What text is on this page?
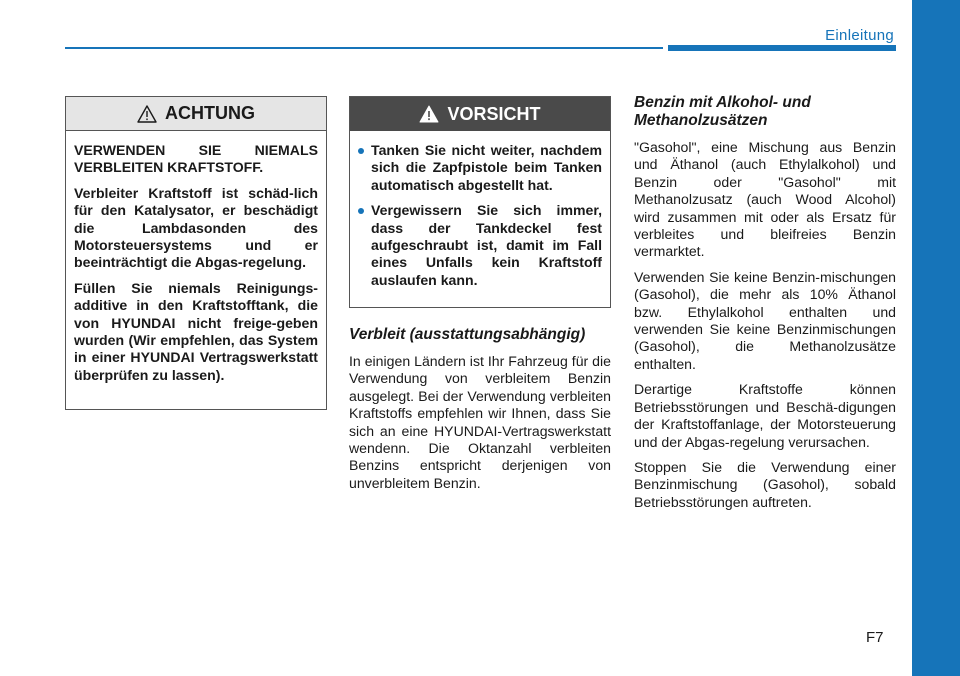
Einleitung
ACHTUNG

VERWENDEN SIE NIEMALS VERBLEITEN KRAFTSTOFF.

Verbleiter Kraftstoff ist schäd-lich für den Katalysator, er beschädigt die Lambdasonden des Motorsteuersystems und er beeinträchtigt die Abgas-regelung.

Füllen Sie niemals Reinigungs-additive in den Kraftstofftank, die von HYUNDAI nicht freige-geben wurden (Wir empfehlen, das System in einer HYUNDAI Vertragswerkstatt überprüfen zu lassen).

VORSICHT
Tanken Sie nicht weiter, nachdem sich die Zapfpistole beim Tanken automatisch abgestellt hat.
Vergewissern Sie sich immer, dass der Tankdeckel fest aufgeschraubt ist, damit im Fall eines Unfalls kein Kraftstoff auslaufen kann.
Verbleit (ausstattungsabhängig)

In einigen Ländern ist Ihr Fahrzeug für die Verwendung von verbleitem Benzin ausgelegt. Bei der Verwendung verbleiten Kraftstoffs empfehlen wir Ihnen, dass Sie sich an eine HYUNDAI-Vertragswerkstatt wendenn. Die Oktanzahl verbleiten Benzins entspricht derjenigen von unverbleitem Benzin.

Benzin mit Alkohol- und Methanolzusätzen

"Gasohol", eine Mischung aus Benzin und Äthanol (auch Ethylalkohol) und Benzin oder "Gasohol" mit Methanolzusatz (auch Wood Alcohol) wird zusammen mit oder als Ersatz für verbleites und bleifreies Benzin vermarktet.

Verwenden Sie keine Benzin-mischungen (Gasohol), die mehr als 10% Äthanol bzw. Ethylalkohol enthalten und verwenden Sie keine Benzinmischungen (Gasohol), die Methanolzusätze enthalten.

Derartige Kraftstoffe können Betriebsstörungen und Beschä-digungen der Kraftstoffanlage, der Motorsteuerung und der Abgas-regelung verursachen.

Stoppen Sie die Verwendung einer Benzinmischung (Gasohol), sobald Betriebsstörungen auftreten.

F7
